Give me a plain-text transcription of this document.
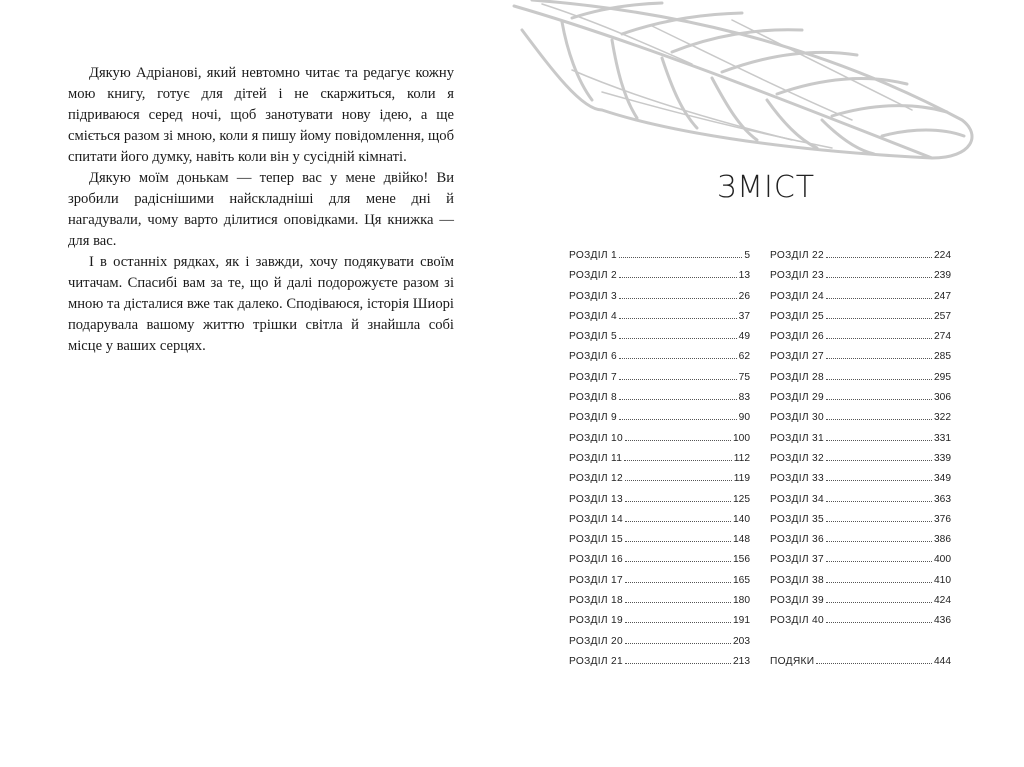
Дякую Адріанові, який невтомно читає та редагує кожну мою книгу, готує для дітей і не скаржиться, коли я підриваюся серед ночі, щоб занотувати нову ідею, а ще сміється разом зі мною, коли я пишу йому повідомлення, щоб спитати його думку, навіть коли він у сусідній кімнаті.

Дякую моїм донькам — тепер вас у мене двійко! Ви зробили радіснішими найскладніші для мене дні й нагадували, чому варто ділитися оповідками. Ця книжка — для вас.

І в останніх рядках, як і завжди, хочу подякувати своїм читачам. Спасибі вам за те, що й далі подорожуєте разом зі мною та дісталися вже так далеко. Сподіваюся, історія Шиорі подарувала вашому життю трішки світла й знайшла собі місце у ваших серцях.

ЗМІСТ
РОЗДІЛ 1	5
РОЗДІЛ 2	13
РОЗДІЛ 3	26
РОЗДІЛ 4	37
РОЗДІЛ 5	49
РОЗДІЛ 6	62
РОЗДІЛ 7	75
РОЗДІЛ 8	83
РОЗДІЛ 9	90
РОЗДІЛ 10	100
РОЗДІЛ 11	112
РОЗДІЛ 12	119
РОЗДІЛ 13	125
РОЗДІЛ 14	140
РОЗДІЛ 15	148
РОЗДІЛ 16	156
РОЗДІЛ 17	165
РОЗДІЛ 18	180
РОЗДІЛ 19	191
РОЗДІЛ 20	203
РОЗДІЛ 21	213
РОЗДІЛ 22	224
РОЗДІЛ 23	239
РОЗДІЛ 24	247
РОЗДІЛ 25	257
РОЗДІЛ 26	274
РОЗДІЛ 27	285
РОЗДІЛ 28	295
РОЗДІЛ 29	306
РОЗДІЛ 30	322
РОЗДІЛ 31	331
РОЗДІЛ 32	339
РОЗДІЛ 33	349
РОЗДІЛ 34	363
РОЗДІЛ 35	376
РОЗДІЛ 36	386
РОЗДІЛ 37	400
РОЗДІЛ 38	410
РОЗДІЛ 39	424
РОЗДІЛ 40	436
ПОДЯКИ	444
